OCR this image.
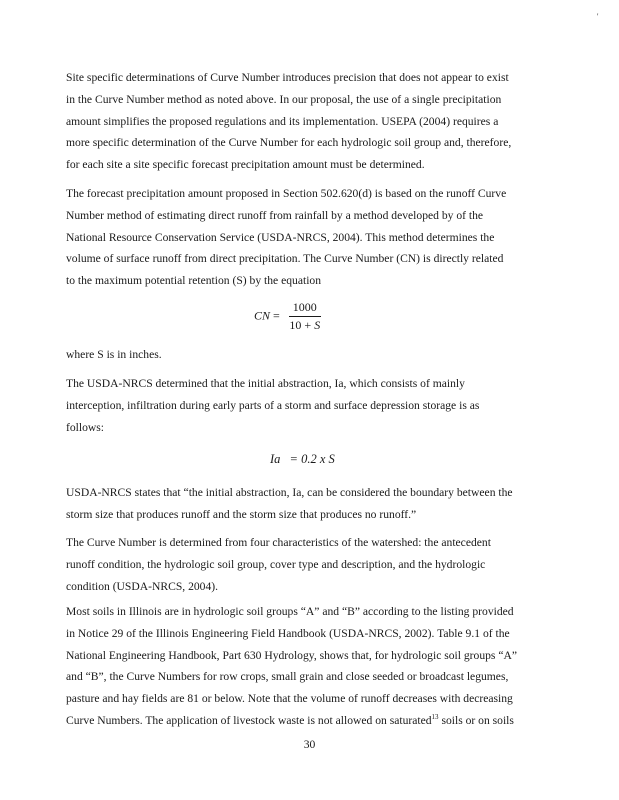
'
Site specific determinations of Curve Number introduces precision that does not appear to exist
in the Curve Number method as noted above. In our proposal, the use of a single precipitation
amount simplifies the proposed regulations and its implementation. USEPA (2004) requires a
more specific determination of the Curve Number for each hydrologic soil group and, therefore,
for each site a site specific forecast precipitation amount must be determined.
The forecast precipitation amount proposed in Section 502.620(d) is based on the runoff Curve
Number method of estimating direct runoff from rainfall by a method developed by of the
National Resource Conservation Service (USDA-NRCS, 2004). This method determines the
volume of surface runoff from direct precipitation. The Curve Number (CN) is directly related
to the maximum potential retention (S) by the equation
CN = $\frac{1000}{10 + S}$
where S is in inches.
The USDA-NRCS determined that the initial abstraction, Ia, which consists of mainly
interception, infiltration during early parts of a storm and surface depression storage is as
follows:
Ia = 0.2 x S
USDA-NRCS states that “the initial abstraction, Ia, can be considered the boundary between the
storm size that produces runoff and the storm size that produces no runoff.”
The Curve Number is determined from four characteristics of the watershed: the antecedent
runoff condition, the hydrologic soil group, cover type and description, and the hydrologic
condition (USDA-NRCS, 2004).
Most soils in Illinois are in hydrologic soil groups “A” and “B” according to the listing provided
in Notice 29 of the Illinois Engineering Field Handbook (USDA-NRCS, 2002). Table 9.1 of the
National Engineering Handbook, Part 630 Hydrology, shows that, for hydrologic soil groups “A”
and “B”, the Curve Numbers for row crops, small grain and close seeded or broadcast legumes,
pasture and hay fields are 81 or below. Note that the volume of runoff decreases with decreasing
Curve Numbers. The application of livestock waste is not allowed on saturated$^{13}$ soils or on soils
30
